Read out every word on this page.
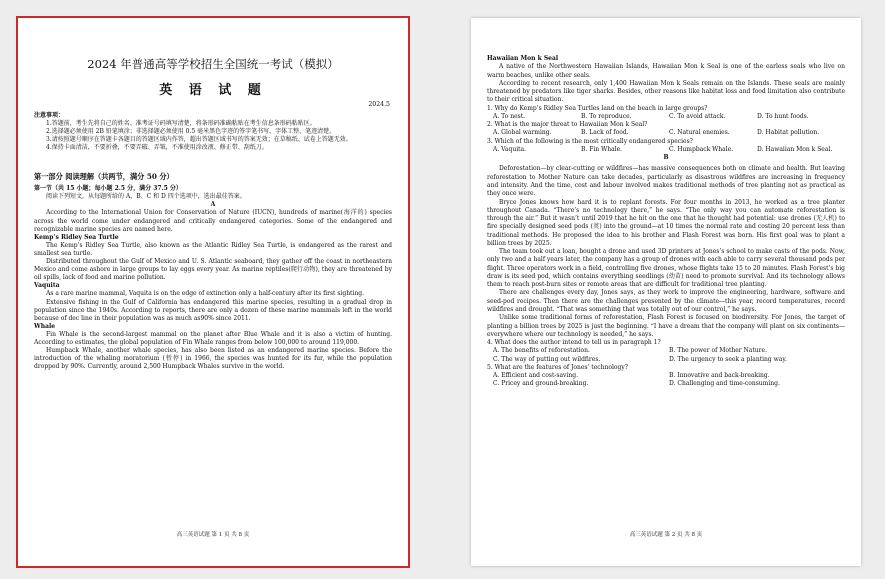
2024 年普通高等学校招生全国统一考试（模拟）
英 语 试 题
2024.5

注意事项：

1.答题前，考生先将自己的姓名、准考证号码填写清楚，将条形码准确粘贴在考生信息条形码粘贴区。

2.选择题必须使用 2B 铅笔填涂；非选择题必须使用 0.5 毫米黑色字迹的签字笔书写，字体工整、笔迹清楚。

3.请按照题号顺序在答题卡各题目的答题区域内作答，超出答题区域书写的答案无效；在草稿纸、试卷上答题无效。

4.保持卡面清洁，不要折叠，不要弄破、弄皱，不准使用涂改液、修正带、刮纸刀。

第一部分 阅读理解（共两节，满分 50 分）

第一节（共 15 小题；每小题 2.5 分，满分 37.5 分）

阅读下列短文，从每题所给的 A、B、C 和 D 四个选项中，选出最佳答案。

A

According to the International Union for Conservation of Nature (IUCN), hundreds of marine(海洋的) species across the world come under endangered and critically endangered categories. Some of the endangered and recognizable marine species are named here.

Kemp’s Ridley Sea Turtle

The Kemp’s Ridley Sea Turtle, also known as the Atlantic Ridley Sea Turtle, is endangered as the rarest and smallest sea turtle.

Distributed throughout the Gulf of Mexico and U. S. Atlantic seaboard, they gather off the coast in northeastern Mexico and come ashore in large groups to lay eggs every year. As marine reptiles(爬行动物), they are threatened by oil spills, lack of food and marine pollution.

Vaquita

As a rare marine mammal, Vaquita is on the edge of extinction only a half-century after its first sighting.

Extensive fishing in the Gulf of California has endangered this marine species, resulting in a gradual drop in population since the 1940s. According to reports, there are only a dozen of these marine mammals left in the world because of dec line in their population was as much as90% since 2011.

Whale

Fin Whale is the second-largest mammal on the planet after Blue Whale and it is also a victim of hunting. According to estimates, the global population of Fin Whale ranges from below 100,000 to around 119,000.

Humpback Whale, another whale species, has also been listed as an endangered marine species. Before the introduction of the whaling moratorium (暂停) in 1966, the species was hunted for its fur, while the population dropped by 90%. Currently, around 2,500 Humpback Whales survive in the world.

高三英语试题 第 1 页 共 8 页

Hawaiian Mon k Seal

A native of the Northwestern Hawaiian Islands, Hawaiian Mon k Seal is one of the earless seals who live on warm beaches, unlike other seals.

According to recent research, only 1,400 Hawaiian Mon k Seals remain on the Islands. These seals are mainly threatened by predators like tiger sharks. Besides, other reasons like habitat loss and food limitation also contribute to their critical situation.

1. Why do Kemp’s Ridley Sea Turtles land on the beach in large groups?

A. To nest.	B. To reproduce.	C. To avoid attack.	D. To hunt foods.

2. What is the major threat to Hawaiian Mon k Seal?

A. Global warming.	B. Lack of food.	C. Natural enemies.	D. Habitat pollution.

3. Which of the following is the most critically endangered species?

A. Vaquita.	B. Fin Whale.	C. Humpback Whale.	D. Hawaiian Mon k Seal.

B

Deforestation—by clear-cutting or wildfires—has massive consequences both on climate and health. But leaving reforestation to Mother Nature can take decades, particularly as disastrous wildfires are increasing in frequency and intensity. And the time, cost and labour involved makes traditional methods of tree planting not as practical as they once were.

Bryce Jones knows how hard it is to replant forests. For four months in 2013, he worked as a tree planter throughout Canada. “There’s no technology there,” he says. “The only way you can automate reforestation is through the air.” But it wasn’t until 2019 that he hit on the one that he thought had potential: use drones (无人机) to fire specially designed seed pods (荚) into the ground—at 10 times the normal rate and costing 20 percent less than traditional methods. He proposed the idea to his brother and Flash Forest was born. His first goal was to plant a billion trees by 2025.

The team took out a loan, bought a drone and used 3D printers at Jones’s school to make casts of the pods. Now, only two and a half years later, the company has a group of drones with each able to carry several thousand pods per flight. Three operators work in a field, controlling five drones, whose flights take 15 to 20 minutes. Flash Forest’s big draw is its seed pod, which contains everything seedlings (幼苗) need to promote survival. And its technology allows them to reach post-burn sites or remote areas that are difficult for traditional tree planting.

There are challenges every day, Jones says, as they work to improve the engineering, hardware, software and seed-pod recipes. Then there are the challenges presented by the climate—this year, record temperatures, record wildfires and drought. “That was something that was totally out of our control,” he says.

Unlike some traditional forms of reforestation, Flash Forest is focused on biodiversity. For Jones, the target of planting a billion trees by 2025 is just the beginning. “I have a dream that the company will plant on six continents—everywhere where our technology is needed,” he says.

4. What does the author intend to tell us in paragraph 1?

A. The benefits of reforestation.	B. The power of Mother Nature.
C. The way of putting out wildfires.	D. The urgency to seek a planting way.

5. What are the features of Jones’ technology?

A. Efficient and cost-saving.	B. Innovative and back-breaking.
C. Pricey and ground-breaking.	D. Challenging and time-consuming.
高三英语试题 第 2 页 共 8 页
